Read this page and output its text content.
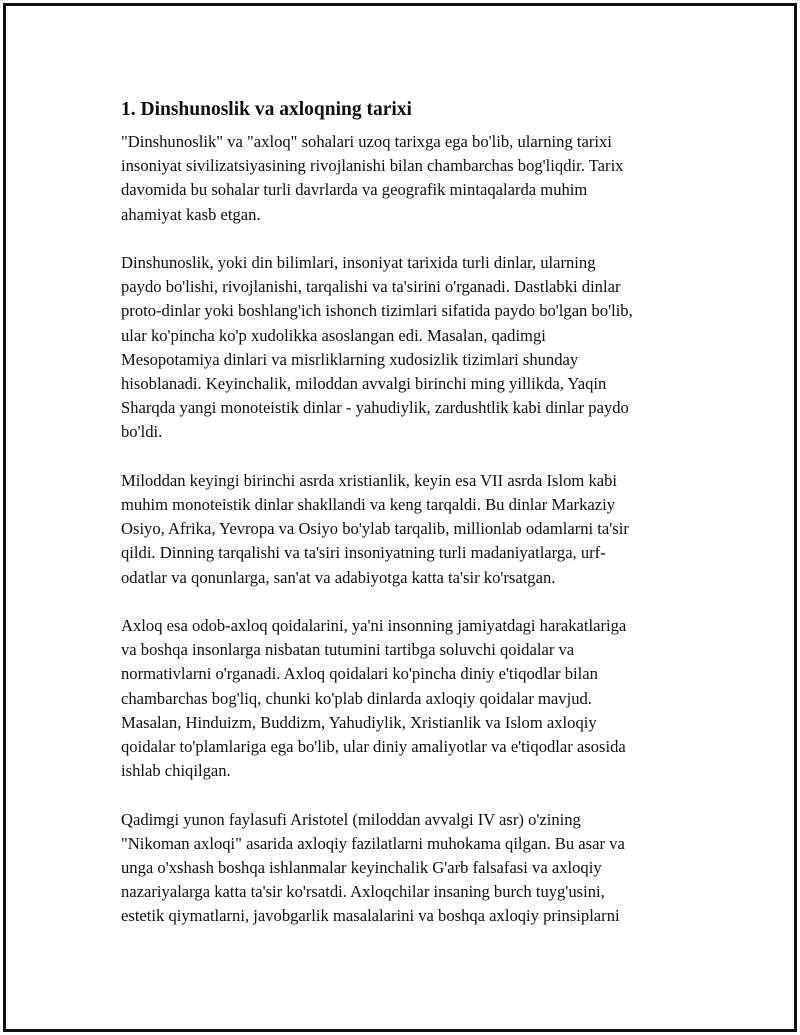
1. Dinshunoslik va axloqning tarixi

"Dinshunoslik" va "axloq" sohalari uzoq tarixga ega bo'lib, ularning tarixi
insoniyat sivilizatsiyasining rivojlanishi bilan chambarchas bog'liqdir. Tarix
davomida bu sohalar turli davrlarda va geografik mintaqalarda muhim
ahamiyat kasb etgan.

Dinshunoslik, yoki din bilimlari, insoniyat tarixida turli dinlar, ularning
paydo bo'lishi, rivojlanishi, tarqalishi va ta'sirini o'rganadi. Dastlabki dinlar
proto-dinlar yoki boshlang'ich ishonch tizimlari sifatida paydo bo'lgan bo'lib,
ular ko'pincha ko'p xudolikka asoslangan edi. Masalan, qadimgi
Mesopotamiya dinlari va misrliklarning xudosizlik tizimlari shunday
hisoblanadi. Keyinchalik, miloddan avvalgi birinchi ming yillikda, Yaqin
Sharqda yangi monoteistik dinlar - yahudiylik, zardushtlik kabi dinlar paydo
bo'ldi.

Miloddan keyingi birinchi asrda xristianlik, keyin esa VII asrda Islom kabi
muhim monoteistik dinlar shakllandi va keng tarqaldi. Bu dinlar Markaziy
Osiyo, Afrika, Yevropa va Osiyo bo'ylab tarqalib, millionlab odamlarni ta'sir
qildi. Dinning tarqalishi va ta'siri insoniyatning turli madaniyatlarga, urf-
odatlar va qonunlarga, san'at va adabiyotga katta ta'sir ko'rsatgan.

Axloq esa odob-axloq qoidalarini, ya'ni insonning jamiyatdagi harakatlariga
va boshqa insonlarga nisbatan tutumini tartibga soluvchi qoidalar va
normativlarni o'rganadi. Axloq qoidalari ko'pincha diniy e'tiqodlar bilan
chambarchas bog'liq, chunki ko'plab dinlarda axloqiy qoidalar mavjud.
Masalan, Hinduizm, Buddizm, Yahudiylik, Xristianlik va Islom axloqiy
qoidalar to'plamlariga ega bo'lib, ular diniy amaliyotlar va e'tiqodlar asosida
ishlab chiqilgan.

Qadimgi yunon faylasufi Aristotel (miloddan avvalgi IV asr) o'zining
"Nikoman axloqi" asarida axloqiy fazilatlarni muhokama qilgan. Bu asar va
unga o'xshash boshqa ishlanmalar keyinchalik G'arb falsafasi va axloqiy
nazariyalarga katta ta'sir ko'rsatdi. Axloqchilar insaning burch tuyg'usini,
estetik qiymatlarni, javobgarlik masalalarini va boshqa axloqiy prinsiplarni
